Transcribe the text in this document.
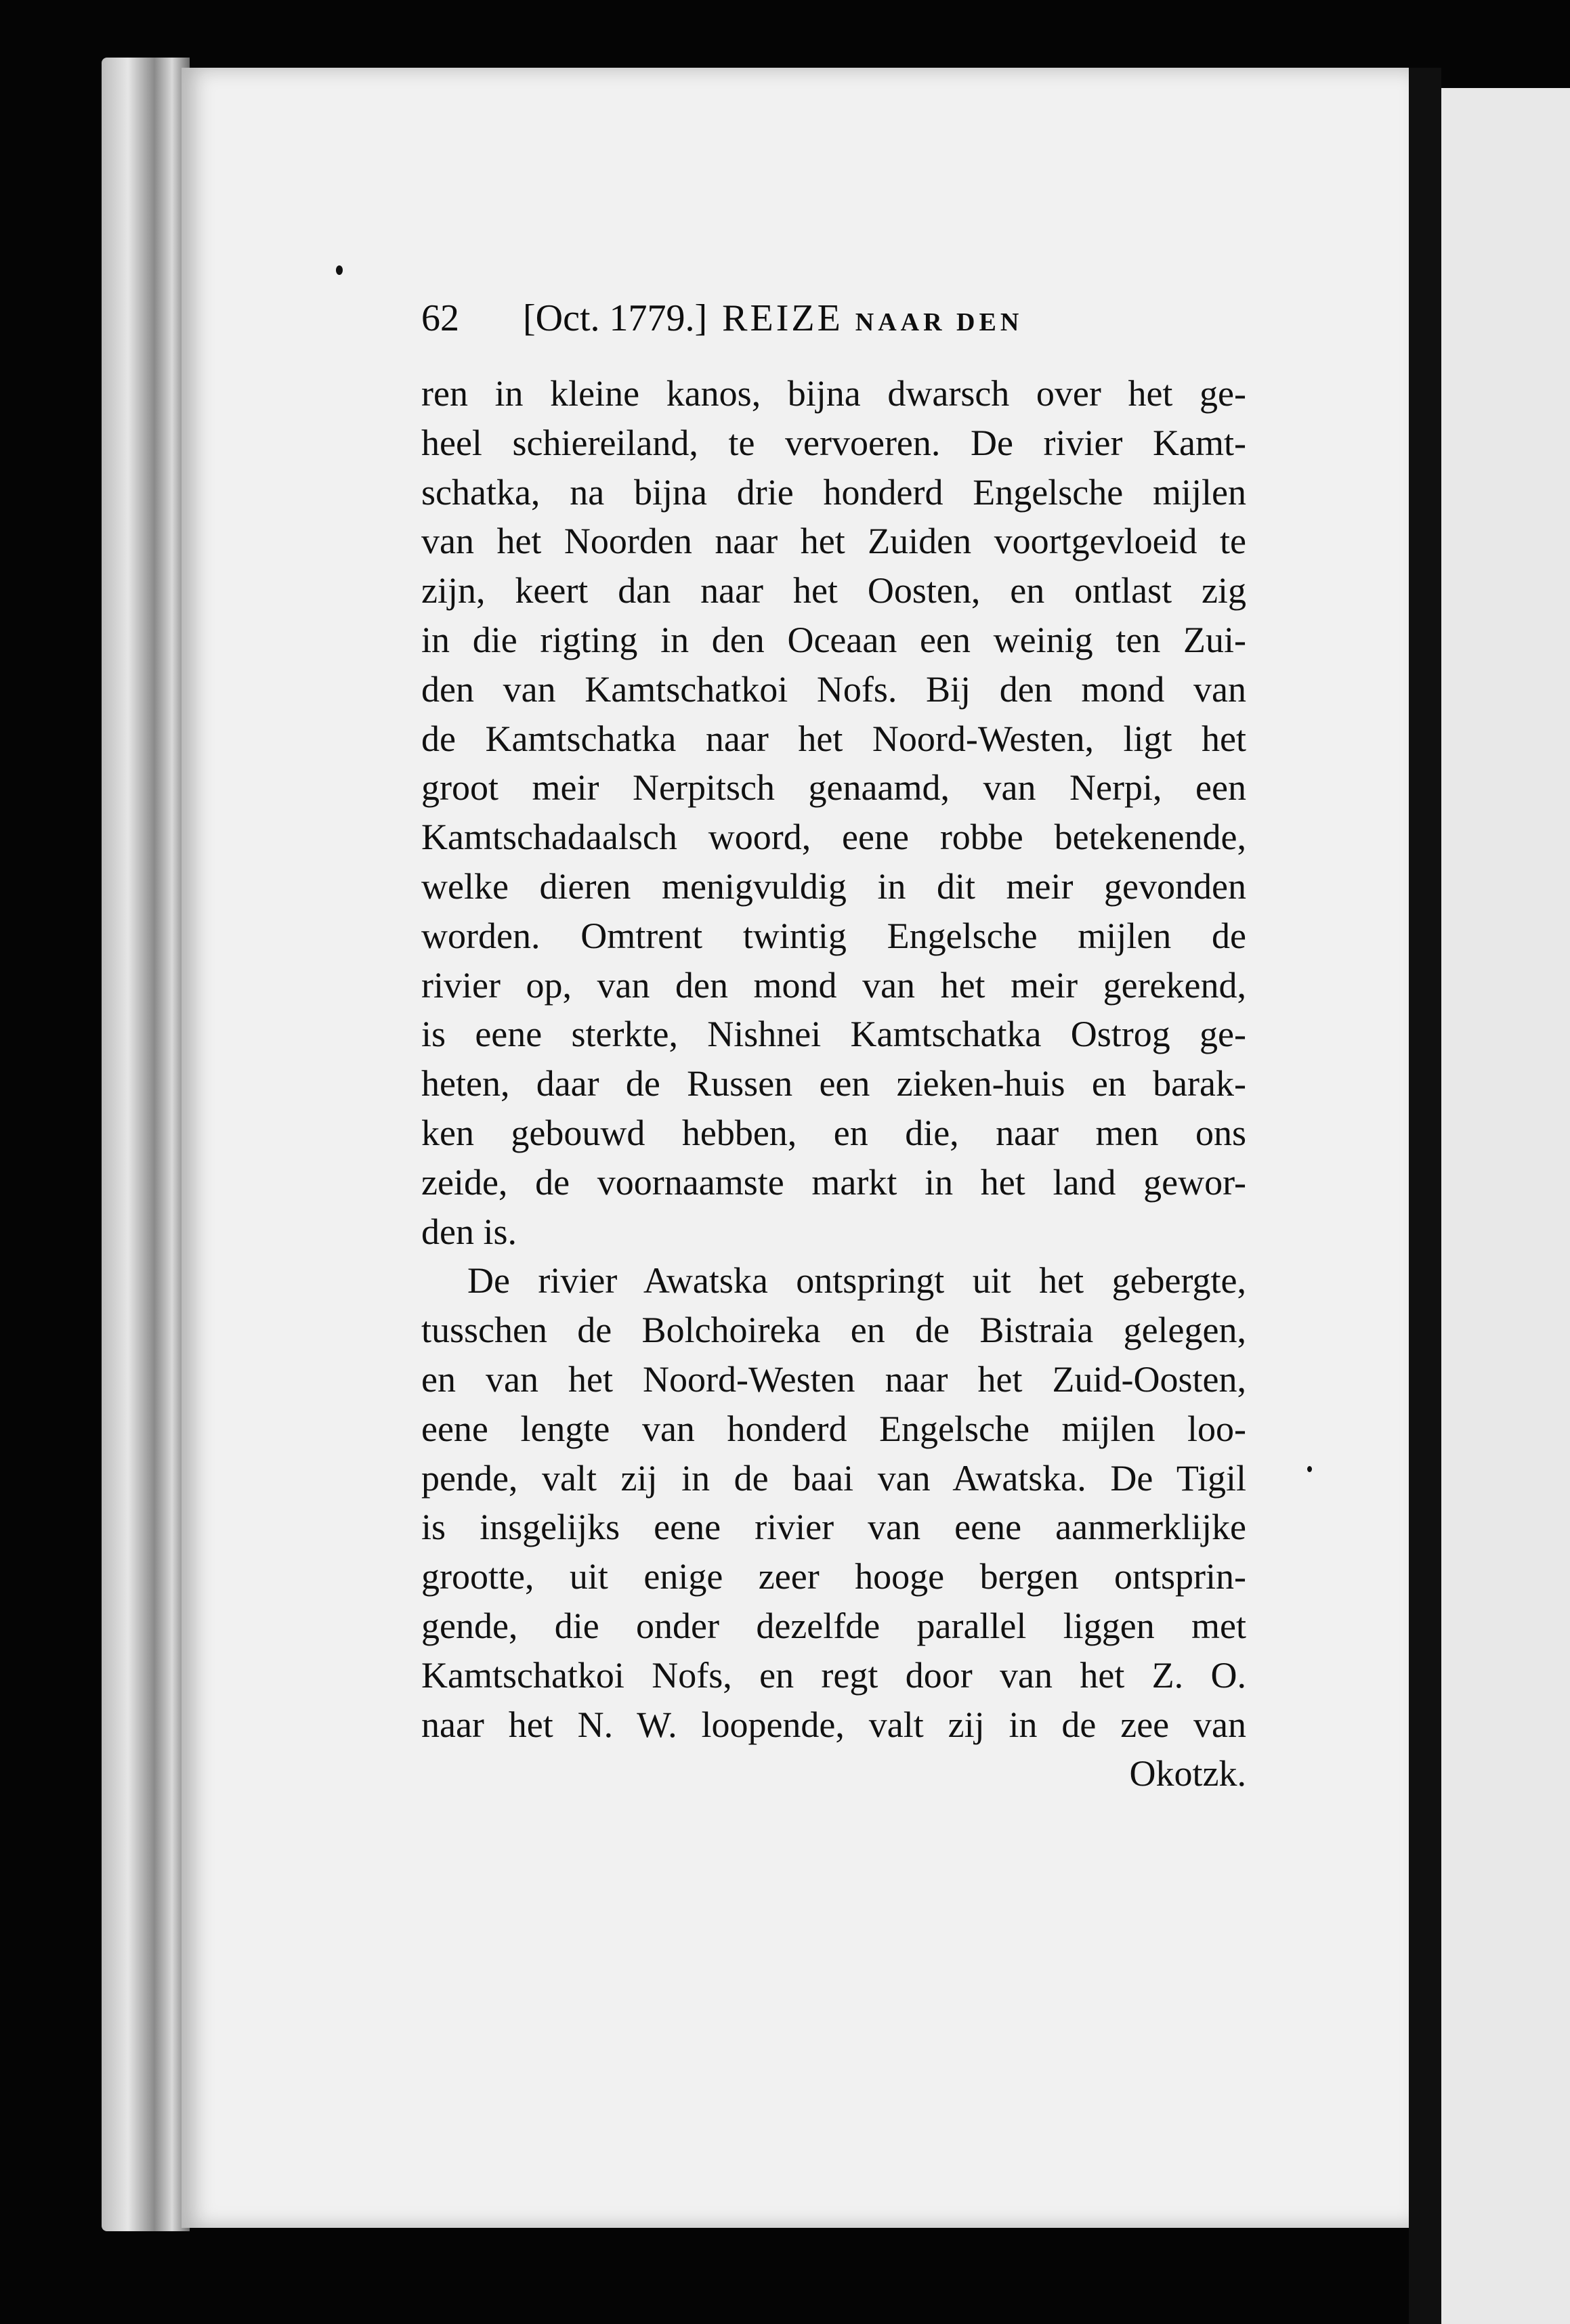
62	[Oct. 1779.] REIZE NAAR DEN
ren in kleine kanos, bijna dwarsch over het ge-
heel schiereiland, te vervoeren. De rivier Kamt-
schatka, na bijna drie honderd Engelsche mijlen
van het Noorden naar het Zuiden voortgevloeid te
zijn, keert dan naar het Oosten, en ontlast zig
in die rigting in den Oceaan een weinig ten Zui-
den van Kamtschatkoi Nofs. Bij den mond van
de Kamtschatka naar het Noord-Westen, ligt het
groot meir Nerpitsch genaamd, van Nerpi, een
Kamtschadaalsch woord, eene robbe betekenende,
welke dieren menigvuldig in dit meir gevonden
worden. Omtrent twintig Engelsche mijlen de
rivier op, van den mond van het meir gerekend,
is eene sterkte, Nishnei Kamtschatka Ostrog ge-
heten, daar de Russen een zieken-huis en barak-
ken gebouwd hebben, en die, naar men ons
zeide, de voornaamste markt in het land gewor-
den is.
De rivier Awatska ontspringt uit het gebergte,
tusschen de Bolchoireka en de Bistraia gelegen,
en van het Noord-Westen naar het Zuid-Oosten,
eene lengte van honderd Engelsche mijlen loo-
pende, valt zij in de baai van Awatska. De Tigil
is insgelijks eene rivier van eene aanmerklijke
grootte, uit enige zeer hooge bergen ontsprin-
gende, die onder dezelfde parallel liggen met
Kamtschatkoi Nofs, en regt door van het Z. O.
naar het N. W. loopende, valt zij in de zee van
Okotzk.
